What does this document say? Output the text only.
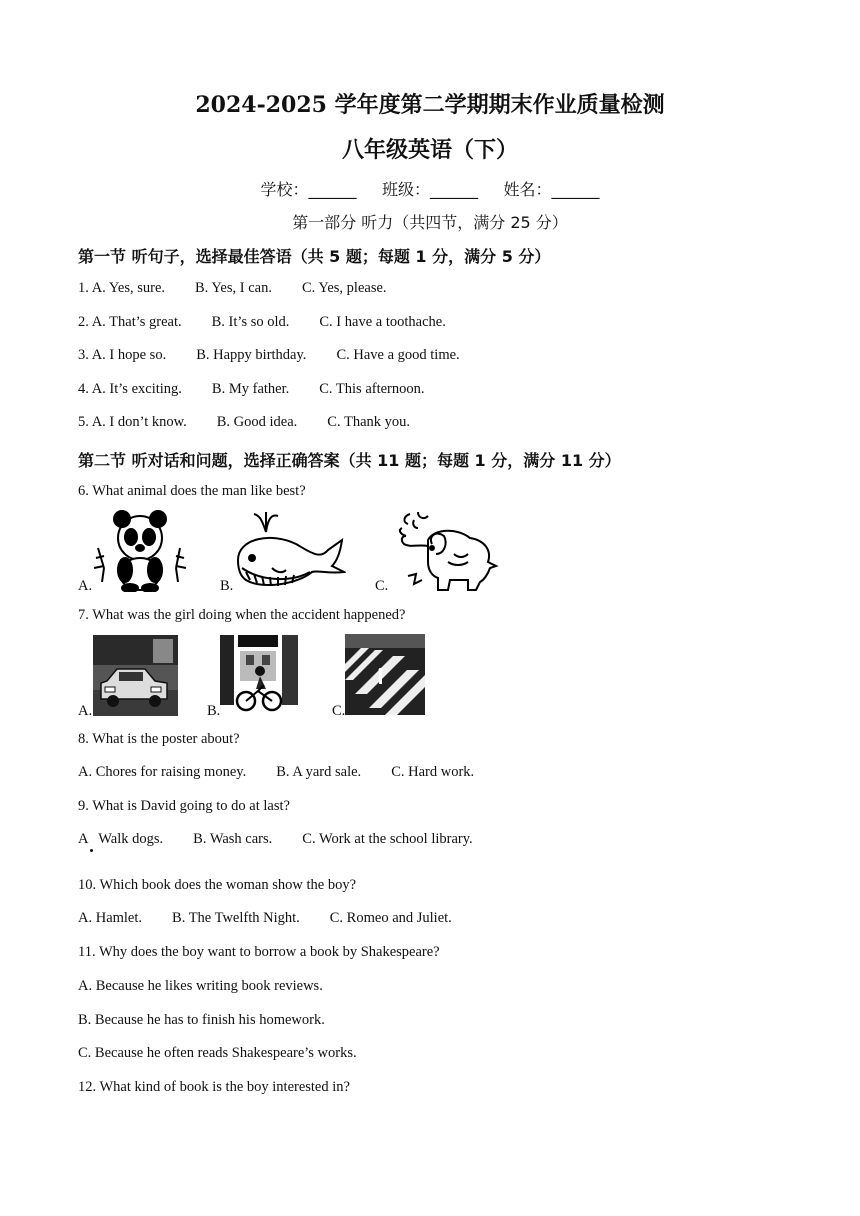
2024-2025 学年度第二学期期末作业质量检测
八年级英语（下）
学校：______ 班级：______ 姓名：______
第一部分 听力（共四节，满分 25 分）
第一节 听句子，选择最佳答语（共 5 题；每题 1 分，满分 5 分）
1. A. Yes, sure. B. Yes, I can. C. Yes, please.
2. A. That’s great. B. It’s so old. C. I have a toothache.
3. A. I hope so. B. Happy birthday. C. Have a good time.
4. A. It’s exciting. B. My father. C. This afternoon.
5. A. I don’t know. B. Good idea. C. Thank you.
第二节 听对话和问题，选择正确答案（共 11 题；每题 1 分，满分 11 分）
6. What animal does the man like best?
A.	B.	C.
7. What was the girl doing when the accident happened?
A.	B.	C.
8. What is the poster about?
A. Chores for raising money. B. A yard sale. C. Hard work.
9. What is David going to do at last?
A   Walk dogs. B. Wash cars. C. Work at the school library.
10. Which book does the woman show the boy?
A. Hamlet. B. The Twelfth Night. C. Romeo and Juliet.
11. Why does the boy want to borrow a book by Shakespeare?
A. Because he likes writing book reviews.
B. Because he has to finish his homework.
C. Because he often reads Shakespeare’s works.
12. What kind of book is the boy interested in?
